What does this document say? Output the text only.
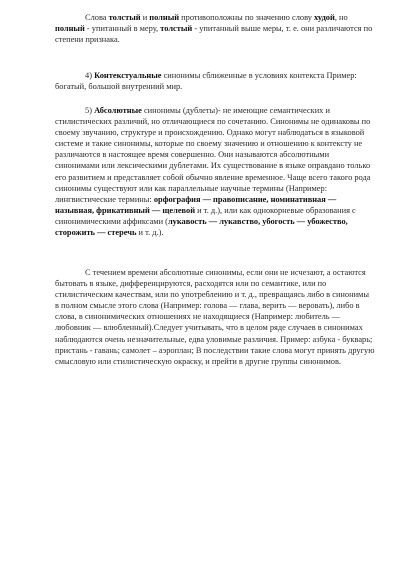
Слова толстый и полный противоположны по значению слову худой, но полный - упитанный в меру, толстый - упитанный выше меры, т. е. они различаются по степени признака.
4) Контекстуальные синонимы сближенные в условиях контекста Пример: богатый, большой внутренний мир.
5) Абсолютные синонимы (дублеты)- не имеющие семантических и стилистических различий, но отличающиеся по сочетанию. Синонимы не одинаковы по своему звучанию, структуре и происхождению. Однако могут наблюдаться в языковой системе и такие синонимы, которые по своему значению и отношению к контексту не различаются в настоящее время совершенно. Они называются абсолютными синонимами или лексическими дублетами. Их существование в языке оправдано только его развитием и представляет собой обычно явление временное. Чаще всего такого рода синонимы существуют или как параллельные научные термины (Например: лингвистические термины: орфография — правописание, номинативная — назывная, фрикативный — щелевой и т. д.), или как однокорневые образования с синонимическими аффиксами (лукавость — лукавство, убогость — убожество, сторожить — стеречь и т. д.).
С течением времени абсолютные синонимы, если они не исчезают, а остаются бытовать в языке, дифференцируются, расходятся или по семантике, или по стилистическим качествам, или по употреблению и т. д., превращаясь либо в синонимы в полном смысле этого слова (Например: голова — глава, верить — веровать), либо в слова, в синонимических отношениях не находящиеся (Например: любитель — любовник — влюбленный).Следует учитывать, что в целом ряде случаев в синонимах наблюдаются очень незначительные, едва уловимые различия. Пример: азбука - букварь; пристань - гавань; самолет – аэроплан; В последствии такие слова могут принять другую смысловую или стилистическую окраску, и прейти в другие группы синонимов.
